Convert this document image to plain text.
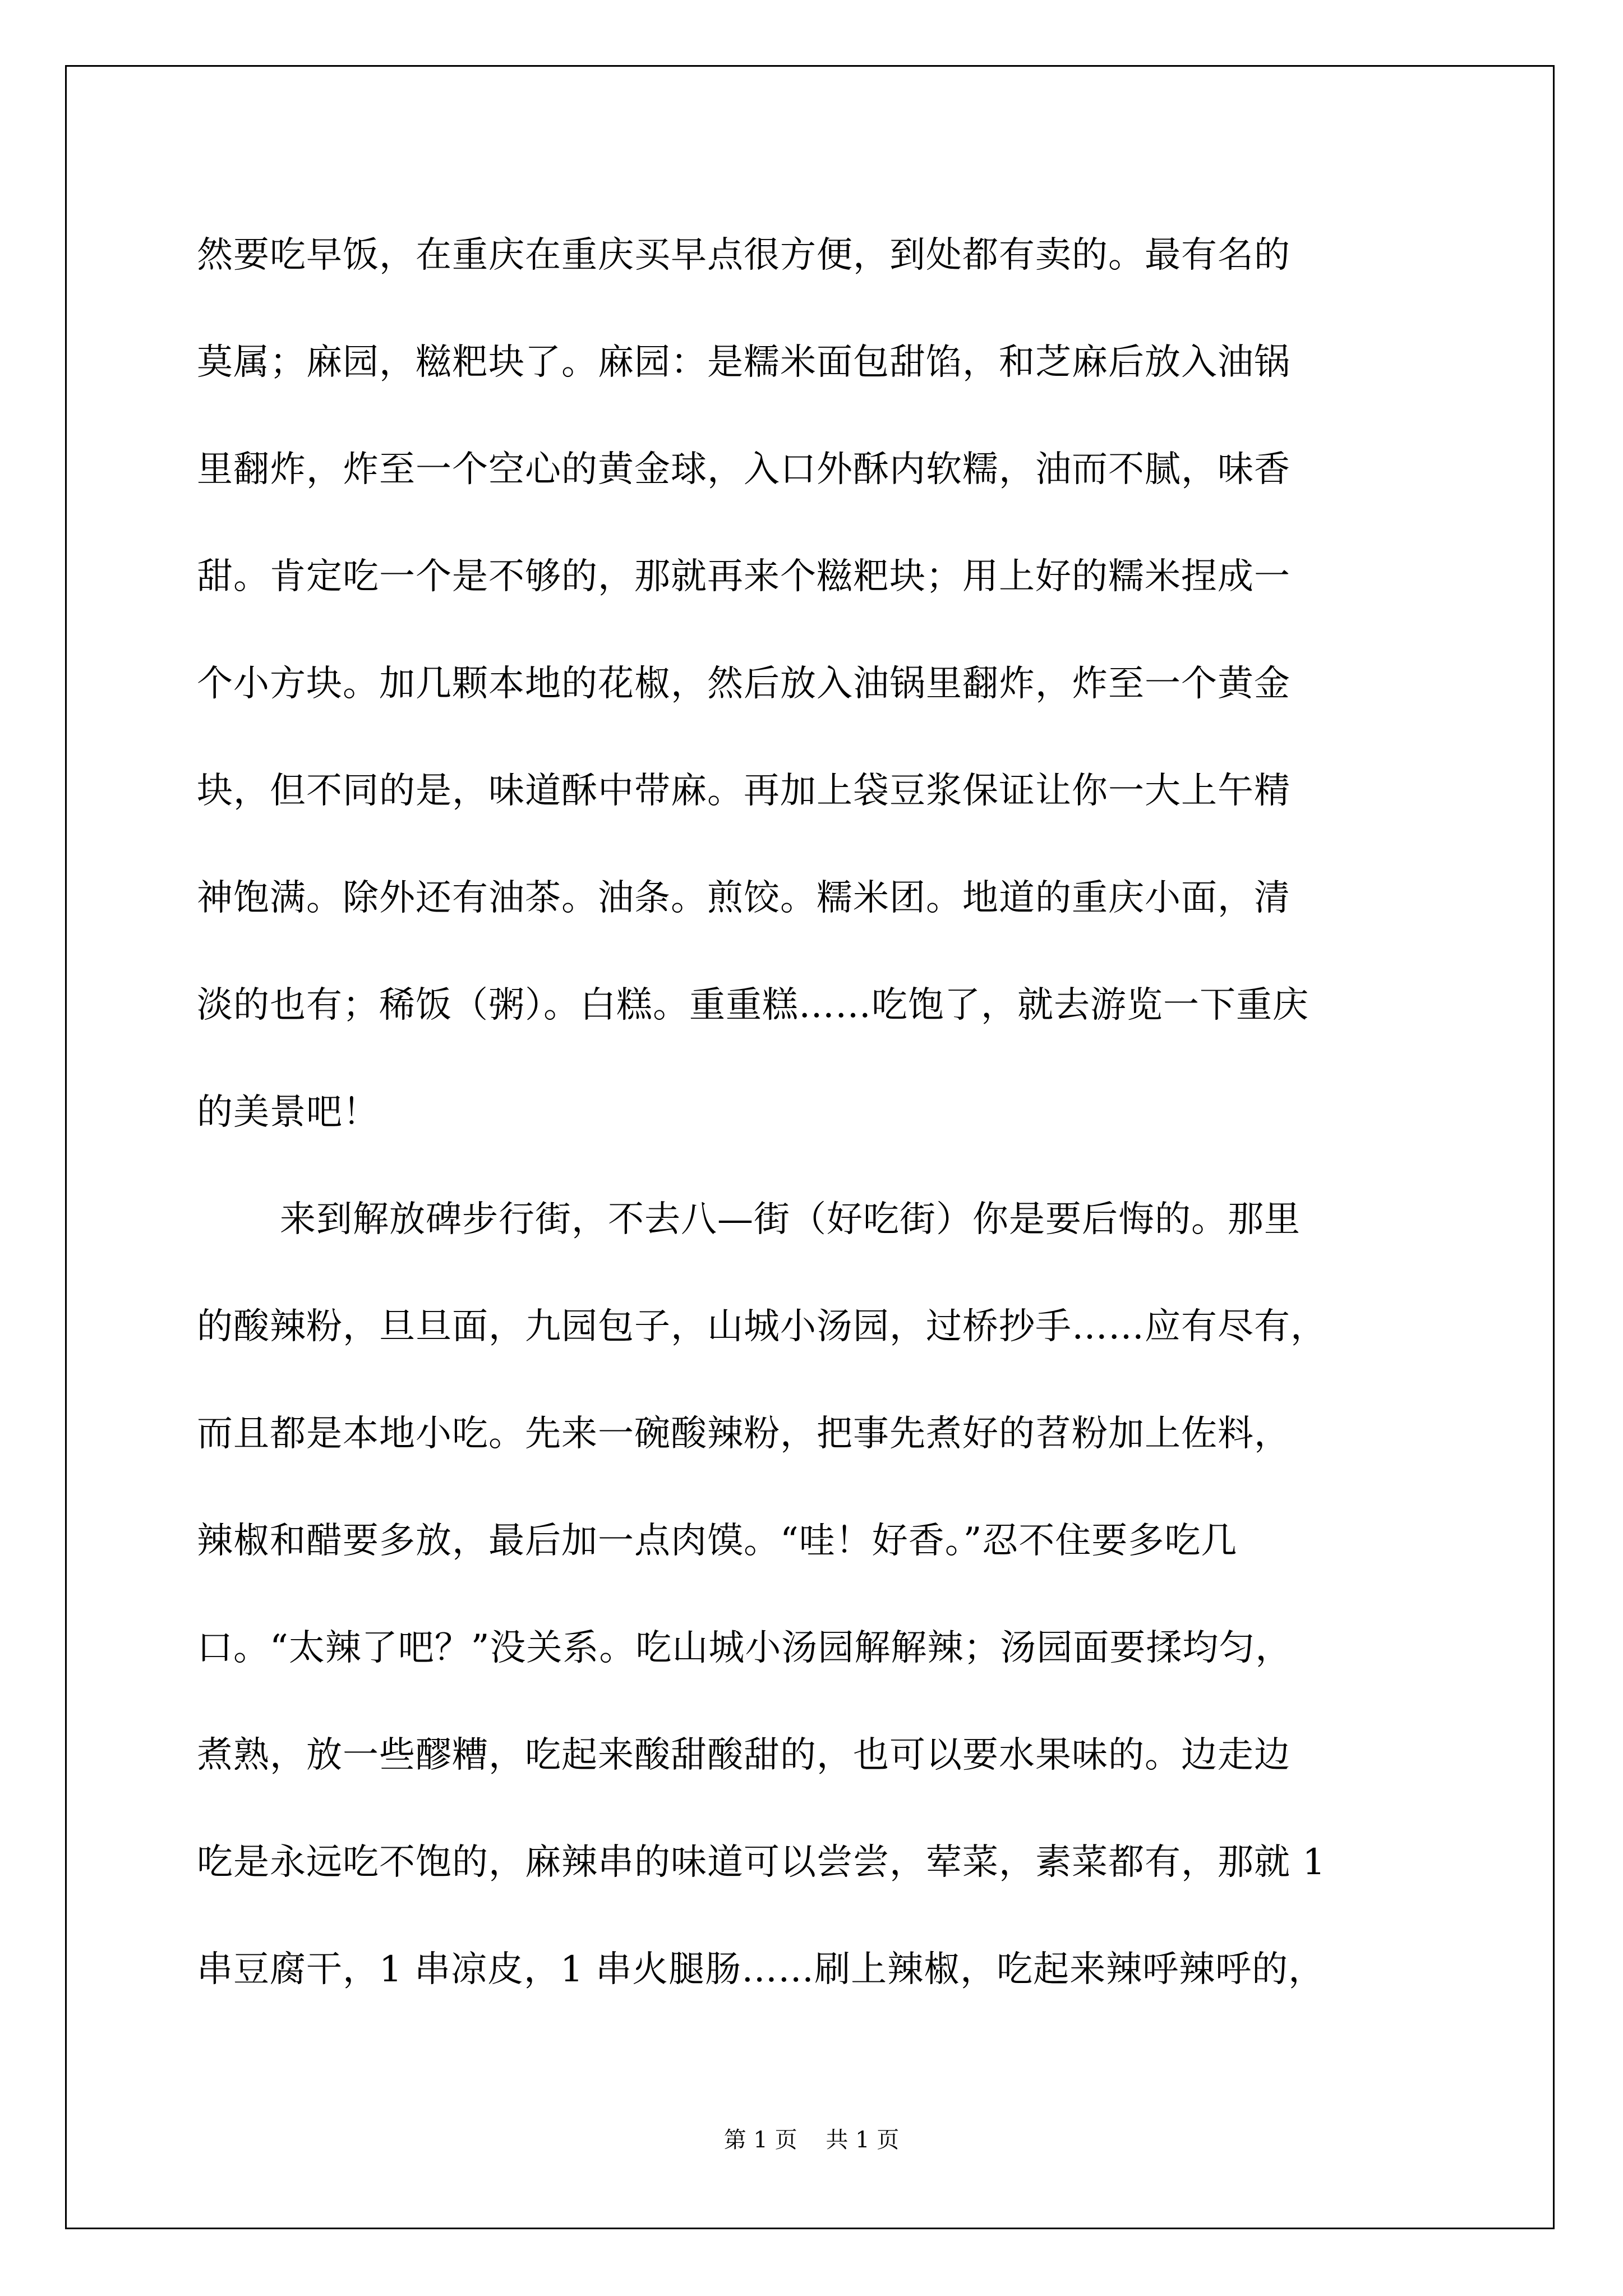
然要吃早饭，在重庆在重庆买早点很方便，到处都有卖的。最有名的
莫属；麻园，糍粑块了。麻园：是糯米面包甜馅，和芝麻后放入油锅
里翻炸，炸至一个空心的黄金球，入口外酥内软糯，油而不腻，味香
甜。肯定吃一个是不够的，那就再来个糍粑块；用上好的糯米捏成一
个小方块。加几颗本地的花椒，然后放入油锅里翻炸，炸至一个黄金
块，但不同的是，味道酥中带麻。再加上袋豆浆保证让你一大上午精
神饱满。除外还有油茶。油条。煎饺。糯米团。地道的重庆小面，清
淡的也有；稀饭（粥）。白糕。重重糕……吃饱了，就去游览一下重庆
的美景吧！
来到解放碑步行街，不去八—街（好吃街）你是要后悔的。那里
的酸辣粉，旦旦面，九园包子，山城小汤园，过桥抄手……应有尽有，
而且都是本地小吃。先来一碗酸辣粉，把事先煮好的苕粉加上佐料，
辣椒和醋要多放，最后加一点肉馍。“哇！好香。”忍不住要多吃几
口。“太辣了吧？”没关系。吃山城小汤园解解辣；汤园面要揉均匀，
煮熟，放一些醪糟，吃起来酸甜酸甜的，也可以要水果味的。边走边
吃是永远吃不饱的，麻辣串的味道可以尝尝，荤菜，素菜都有，那就 1
串豆腐干，1 串凉皮，1 串火腿肠……刷上辣椒，吃起来辣呼辣呼的，
第 1 页    共 1 页
